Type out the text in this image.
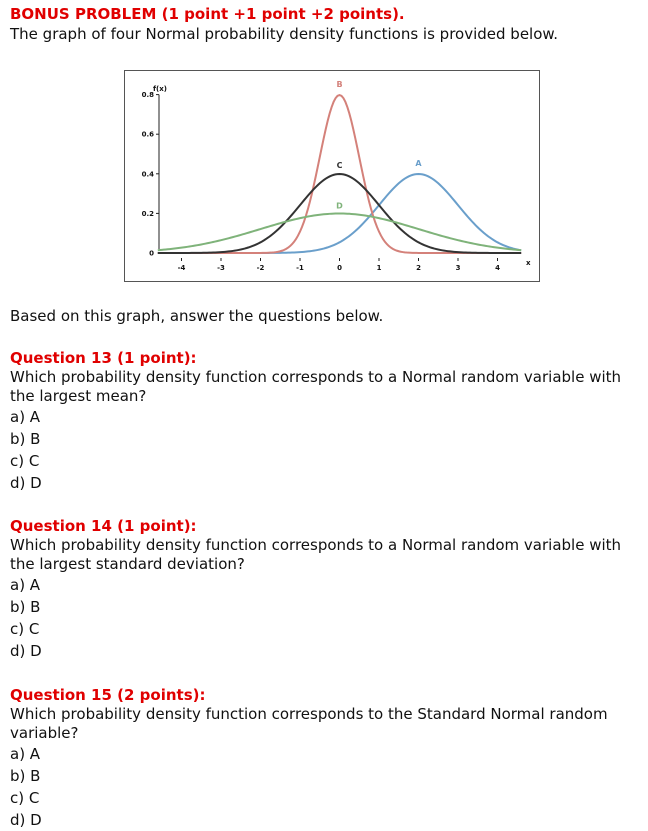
BONUS PROBLEM (1 point +1 point +2 points).
The graph of four Normal probability density functions is provided below.
f(x)
0.8
0.6
0.4
0.2
0
-4	-3	-2	-1	0	1	2	3	4
x
A
B
C
D
Based on this graph, answer the questions below.
Question 13 (1 point):
Which probability density function corresponds to a Normal random variable with the largest mean?
a) A
b) B
c) C
d) D
Question 14 (1 point):
Which probability density function corresponds to a Normal random variable with the largest standard deviation?
a) A
b) B
c) C
d) D
Question 15 (2 points):
Which probability density function corresponds to the Standard Normal random variable?
a) A
b) B
c) C
d) D
